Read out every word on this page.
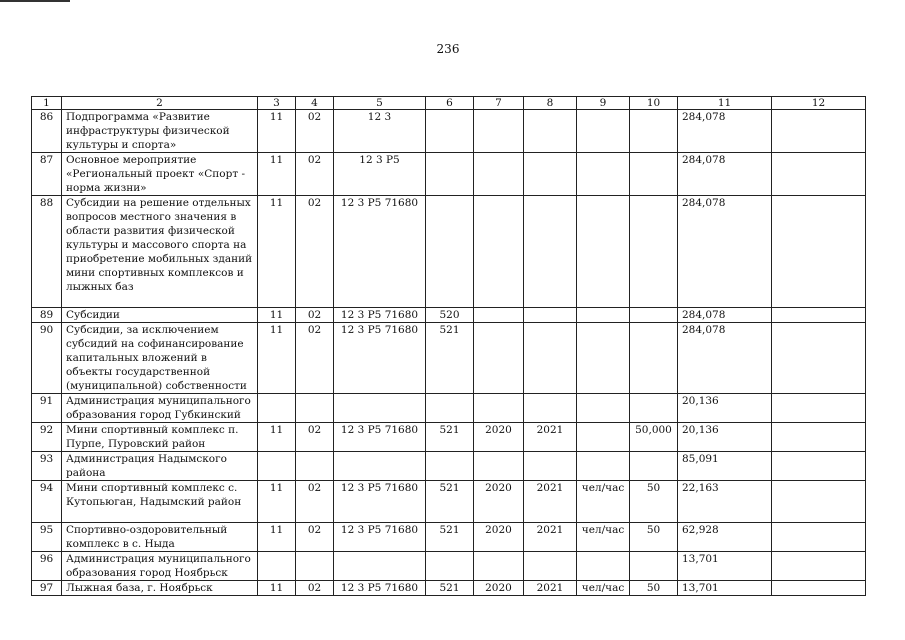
236
1	2	3	4	5	6	7	8	9	10	11	12
86	Подпрограмма «Развитие инфраструктуры физической культуры и спорта»	11	02	12 3						284,078	
87	Основное мероприятие «Региональный проект «Спорт - норма жизни»	11	02	12 3 P5						284,078	
88	Субсидии на решение отдельных вопросов местного значения в области развития физической культуры и массового спорта на приобретение мобильных зданий мини спортивных комплексов и лыжных баз	11	02	12 3 P5 71680						284,078	
89	Субсидии	11	02	12 3 P5 71680	520					284,078	
90	Субсидии, за исключением субсидий на софинансирование капитальных вложений в объекты государственной (муниципальной) собственности	11	02	12 3 P5 71680	521					284,078	
91	Администрация муниципального образования город Губкинский									20,136	
92	Мини спортивный комплекс п. Пурпе, Пуровский район	11	02	12 3 P5 71680	521	2020	2021		50,000	20,136	
93	Администрация Надымского района									85,091	
94	Мини спортивный комплекс с. Кутопьюган, Надымский район	11	02	12 3 P5 71680	521	2020	2021	чел/час	50	22,163	
95	Спортивно-оздоровительный комплекс в с. Ныда	11	02	12 3 P5 71680	521	2020	2021	чел/час	50	62,928	
96	Администрация муниципального образования город Ноябрьск									13,701	
97	Лыжная база, г. Ноябрьск	11	02	12 3 P5 71680	521	2020	2021	чел/час	50	13,701	
